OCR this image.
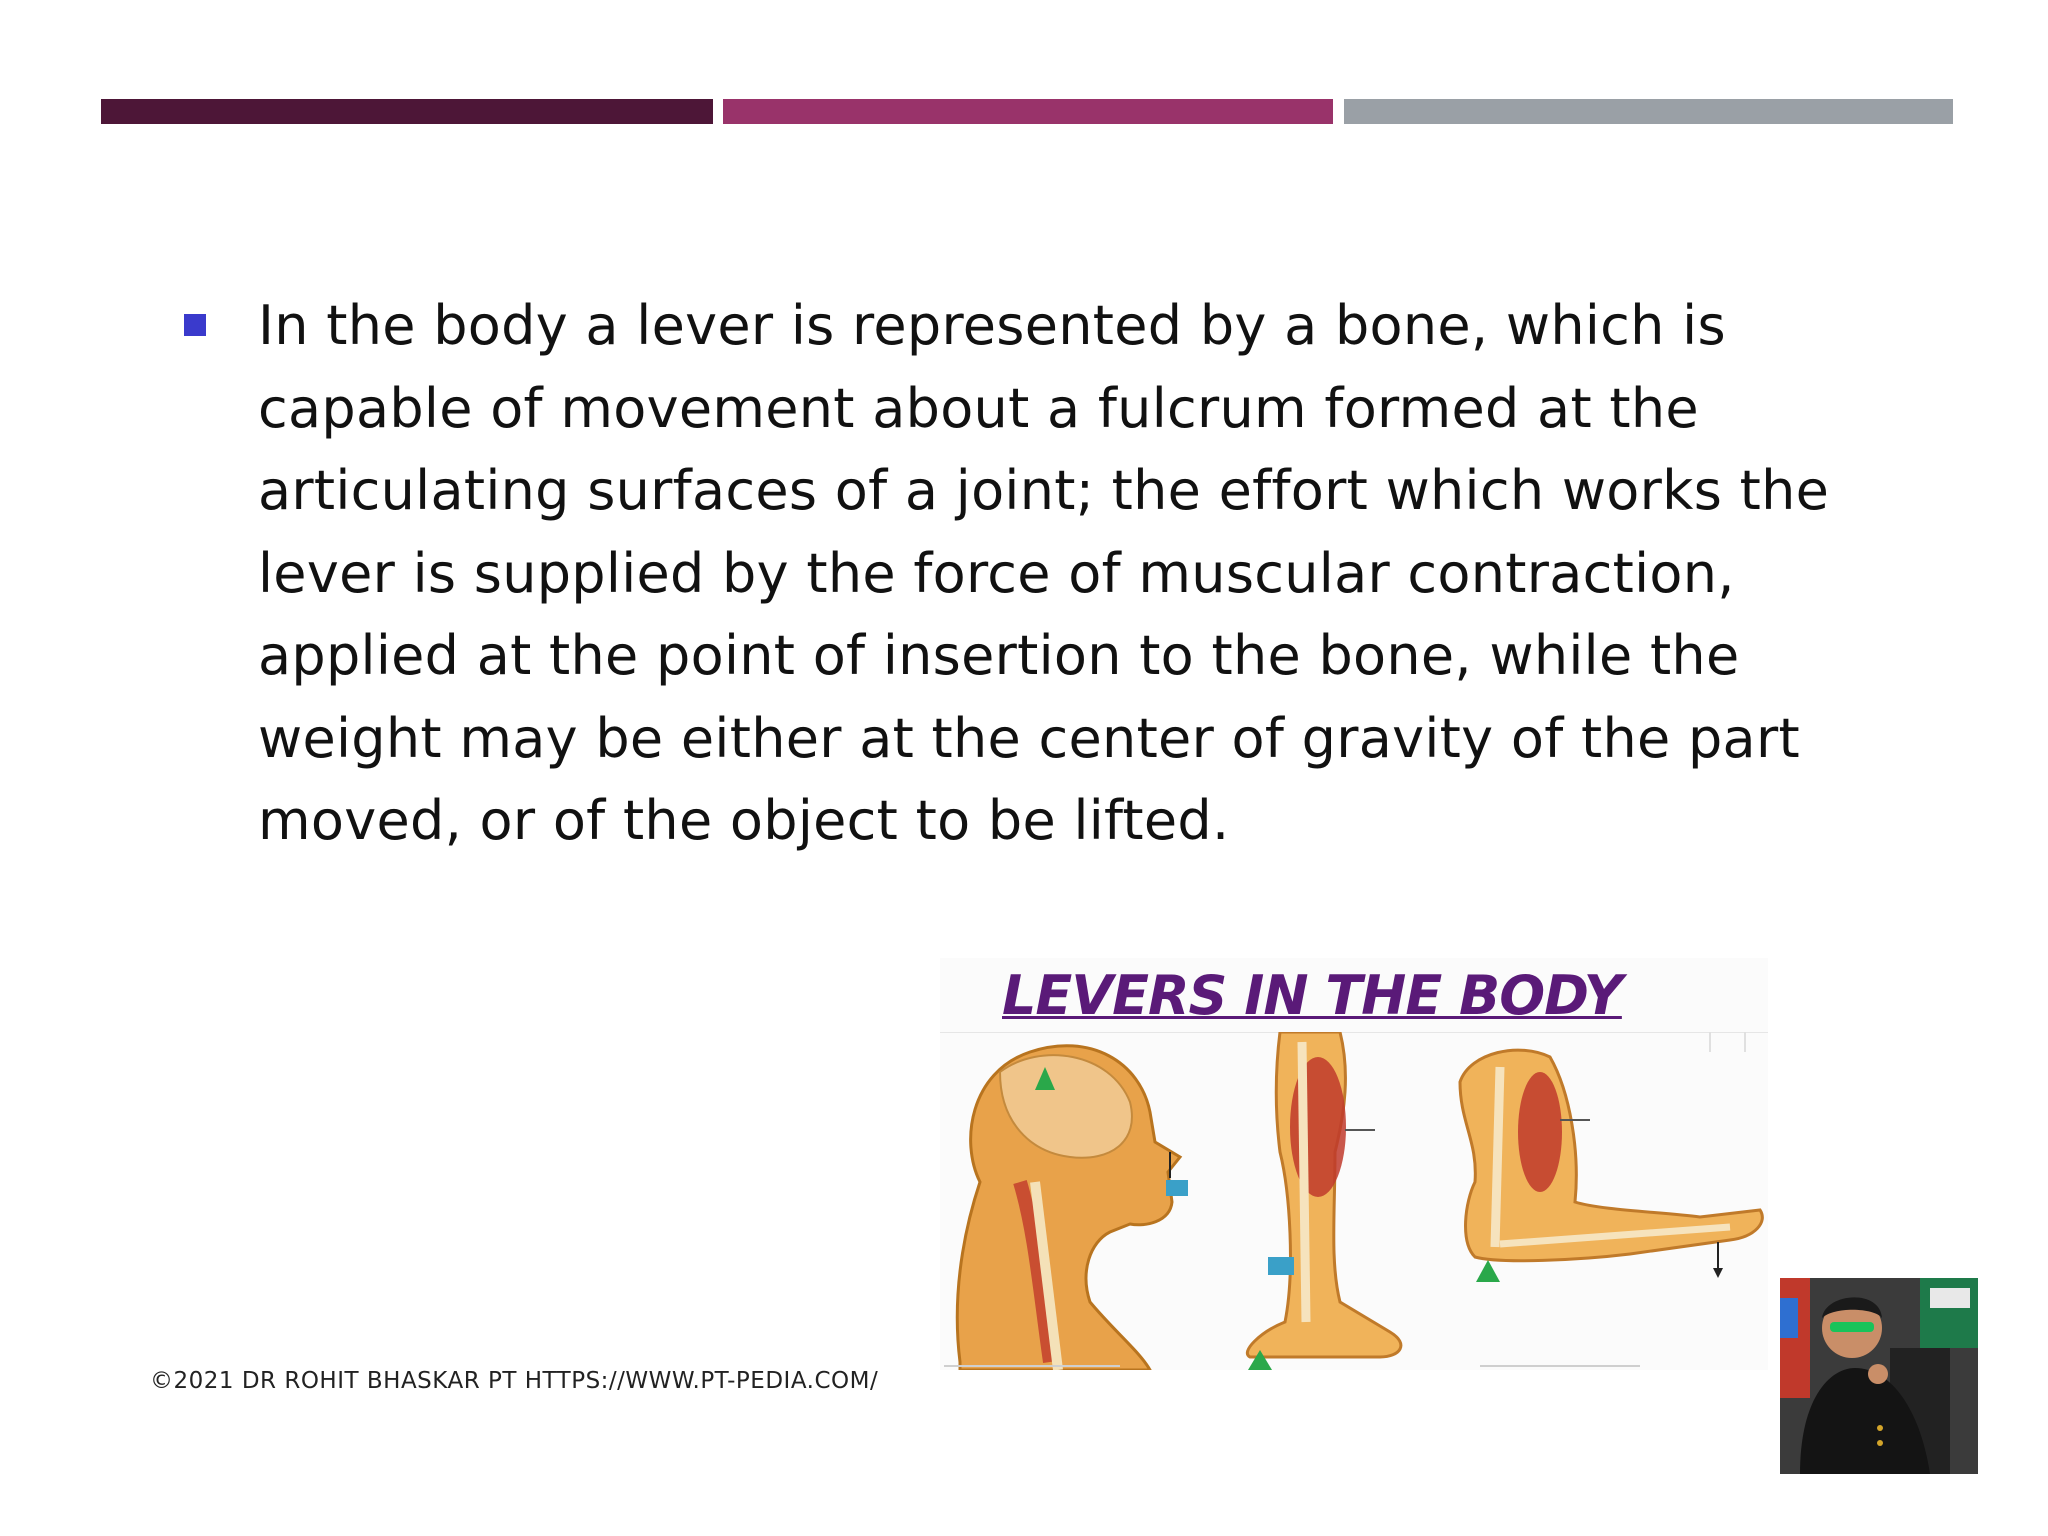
In the body a lever is represented by a bone, which is
capable of movement about a fulcrum formed at the
articulating surfaces of a joint; the effort which works the
lever is supplied by the force of muscular contraction,
applied at the point of insertion to the bone, while the
weight may be either at the center of gravity of the part
moved, or of the object to be lifted.
LEVERS IN THE BODY
©2021 DR ROHIT BHASKAR PT HTTPS://WWW.PT-PEDIA.COM/
